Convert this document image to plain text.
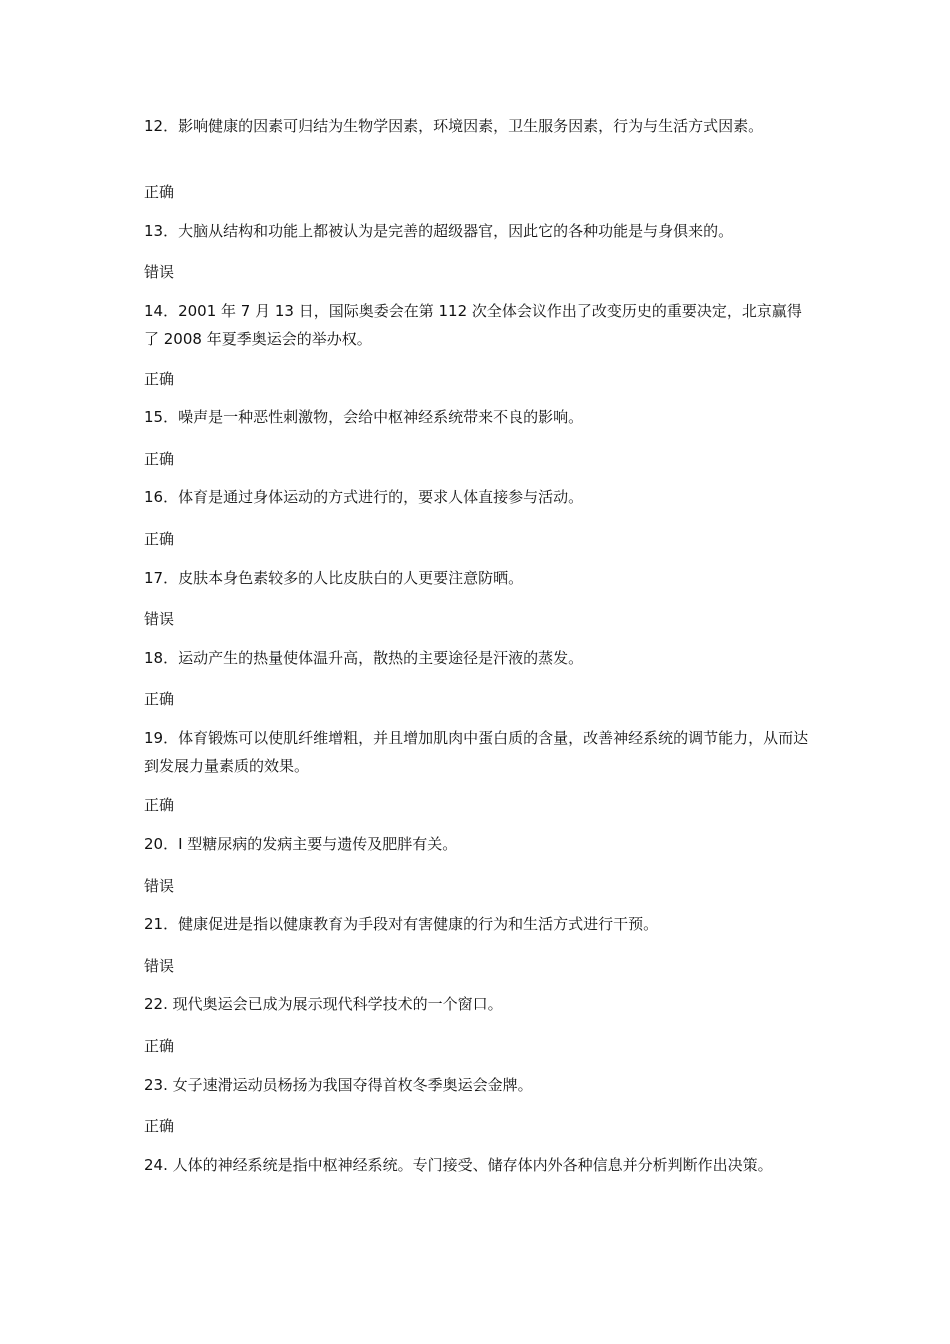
12．影响健康的因素可归结为生物学因素，环境因素，卫生服务因素，行为与生活方式因素。
正确
13．大脑从结构和功能上都被认为是完善的超级器官，因此它的各种功能是与身俱来的。
错误
14．2001 年 7 月 13 日，国际奥委会在第 112 次全体会议作出了改变历史的重要决定，北京赢得了 2008 年夏季奥运会的举办权。
正确
15．噪声是一种恶性刺激物，会给中枢神经系统带来不良的影响。
正确
16．体育是通过身体运动的方式进行的，要求人体直接参与活动。
正确
17．皮肤本身色素较多的人比皮肤白的人更要注意防晒。
错误
18．运动产生的热量使体温升高，散热的主要途径是汗液的蒸发。
正确
19．体育锻炼可以使肌纤维增粗，并且增加肌肉中蛋白质的含量，改善神经系统的调节能力，从而达到发展力量素质的效果。
正确
20．I 型糖尿病的发病主要与遗传及肥胖有关。
错误
21．健康促进是指以健康教育为手段对有害健康的行为和生活方式进行干预。
错误
22. 现代奥运会已成为展示现代科学技术的一个窗口。
正确
23. 女子速滑运动员杨扬为我国夺得首枚冬季奥运会金牌。
正确
24. 人体的神经系统是指中枢神经系统。专门接受、储存体内外各种信息并分析判断作出决策。
